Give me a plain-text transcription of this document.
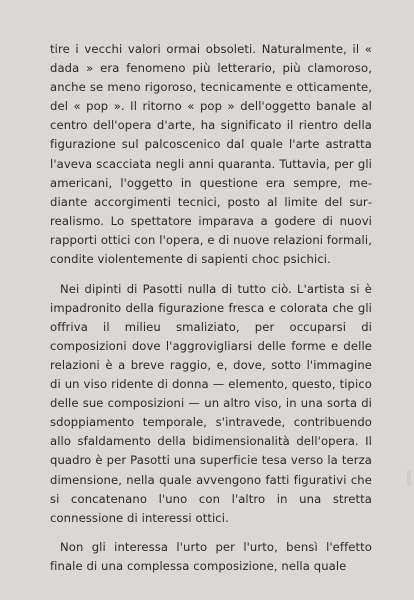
tire i vecchi valori ormai obsoleti. Naturalmente, il « dada » era fenomeno più letterario, più clamoroso, anche se meno rigoroso, tecnicamente e otticamente, del « pop ». Il ritorno « pop » dell'oggetto banale al centro dell'opera d'arte, ha significato il rientro della figurazione sul palcoscenico dal quale l'arte astratta l'aveva scacciata negli anni quaranta. Tuttavia, per gli americani, l'oggetto in questione era sempre, mediante accorgimenti tecnici, posto al limite del surrealismo. Lo spettatore imparava a godere di nuovi rapporti ottici con l'opera, e di nuove relazioni formali, condite violentemente di sapienti choc psichici.

Nei dipinti di Pasotti nulla di tutto ciò. L'artista si è impadronito della figurazione fresca e colorata che gli offriva il milieu smaliziato, per occuparsi di composizioni dove l'aggrovigliarsi delle forme e delle relazioni è a breve raggio, e, dove, sotto l'immagine di un viso ridente di donna — elemento, questo, tipico delle sue composizioni — un altro viso, in una sorta di sdoppiamento temporale, s'intravede, contribuendo allo sfaldamento della bidimensionalità dell'opera. Il quadro è per Pasotti una superficie tesa verso la terza dimensione, nella quale avvengono fatti figurativi che si concatenano l'uno con l'altro in una stretta connessione di interessi ottici.

Non gli interessa l'urto per l'urto, bensì l'effetto finale di una complessa composizione, nella quale
